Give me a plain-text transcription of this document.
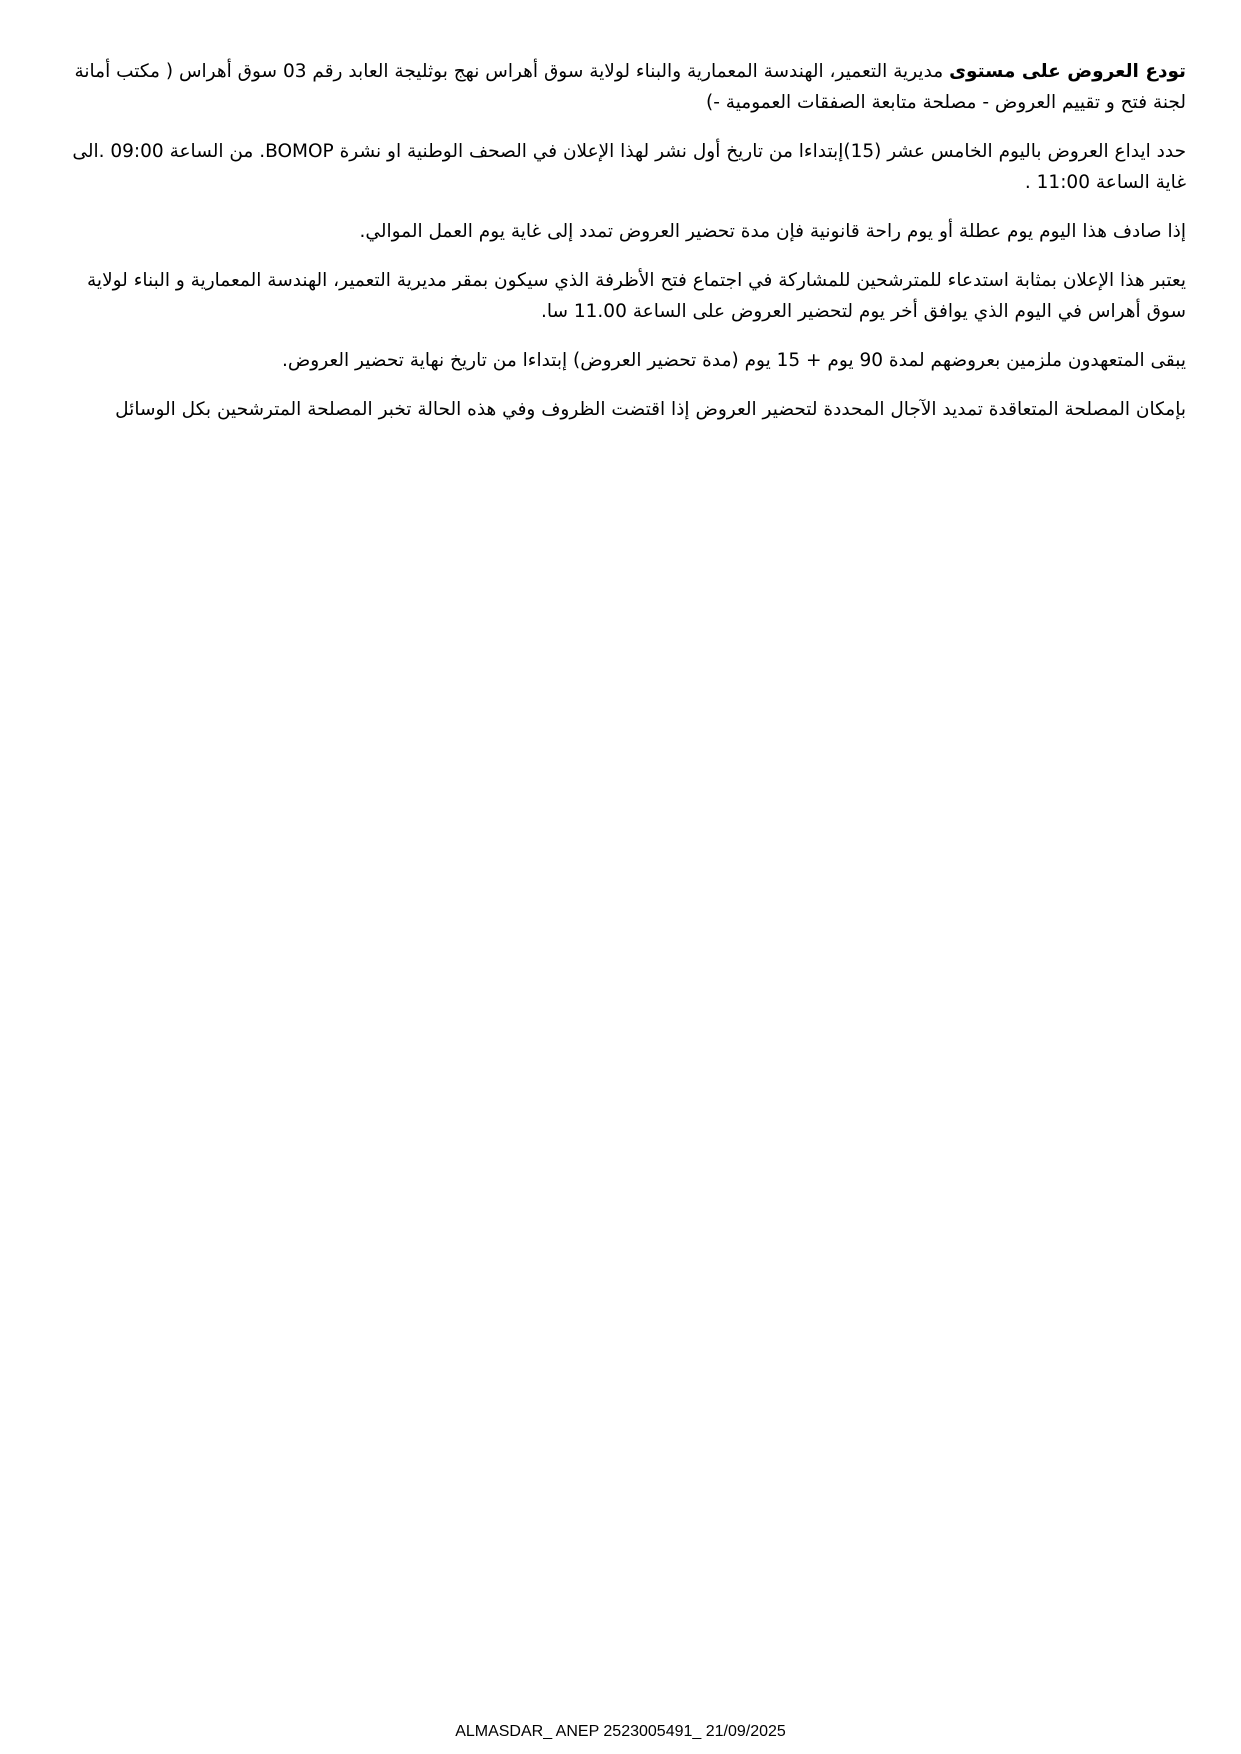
تودع العروض على مستوى مديرية التعمير، الهندسة المعمارية والبناء لولاية سوق أهراس نهج بوثليجة العابد رقم 03 سوق أهراس ( مكتب أمانة لجنة فتح و تقييم العروض - مصلحة متابعة الصفقات العمومية -)

حدد ايداع العروض باليوم الخامس عشر (15)إبتداءا من تاريخ أول نشر لهذا الإعلان في الصحف الوطنية او نشرة BOMOP. من الساعة 09:00 .الى غاية الساعة 11:00 .

إذا صادف هذا اليوم يوم عطلة أو يوم راحة قانونية فإن مدة تحضير العروض تمدد إلى غاية يوم العمل الموالي.

يعتبر هذا الإعلان بمثابة استدعاء للمترشحين للمشاركة في اجتماع فتح الأظرفة الذي سيكون بمقر مديرية التعمير، الهندسة المعمارية و البناء لولاية سوق أهراس في اليوم الذي يوافق أخر يوم لتحضير العروض على الساعة 11.00 سا.

يبقى المتعهدون ملزمين بعروضهم لمدة 90 يوم + 15 يوم (مدة تحضير العروض) إبتداءا من تاريخ نهاية تحضير العروض.

بإمكان المصلحة المتعاقدة تمديد الآجال المحددة لتحضير العروض إذا اقتضت الظروف وفي هذه الحالة تخبر المصلحة المترشحين بكل الوسائل

ALMASDAR_ ANEP 2523005491_ 21/09/2025
